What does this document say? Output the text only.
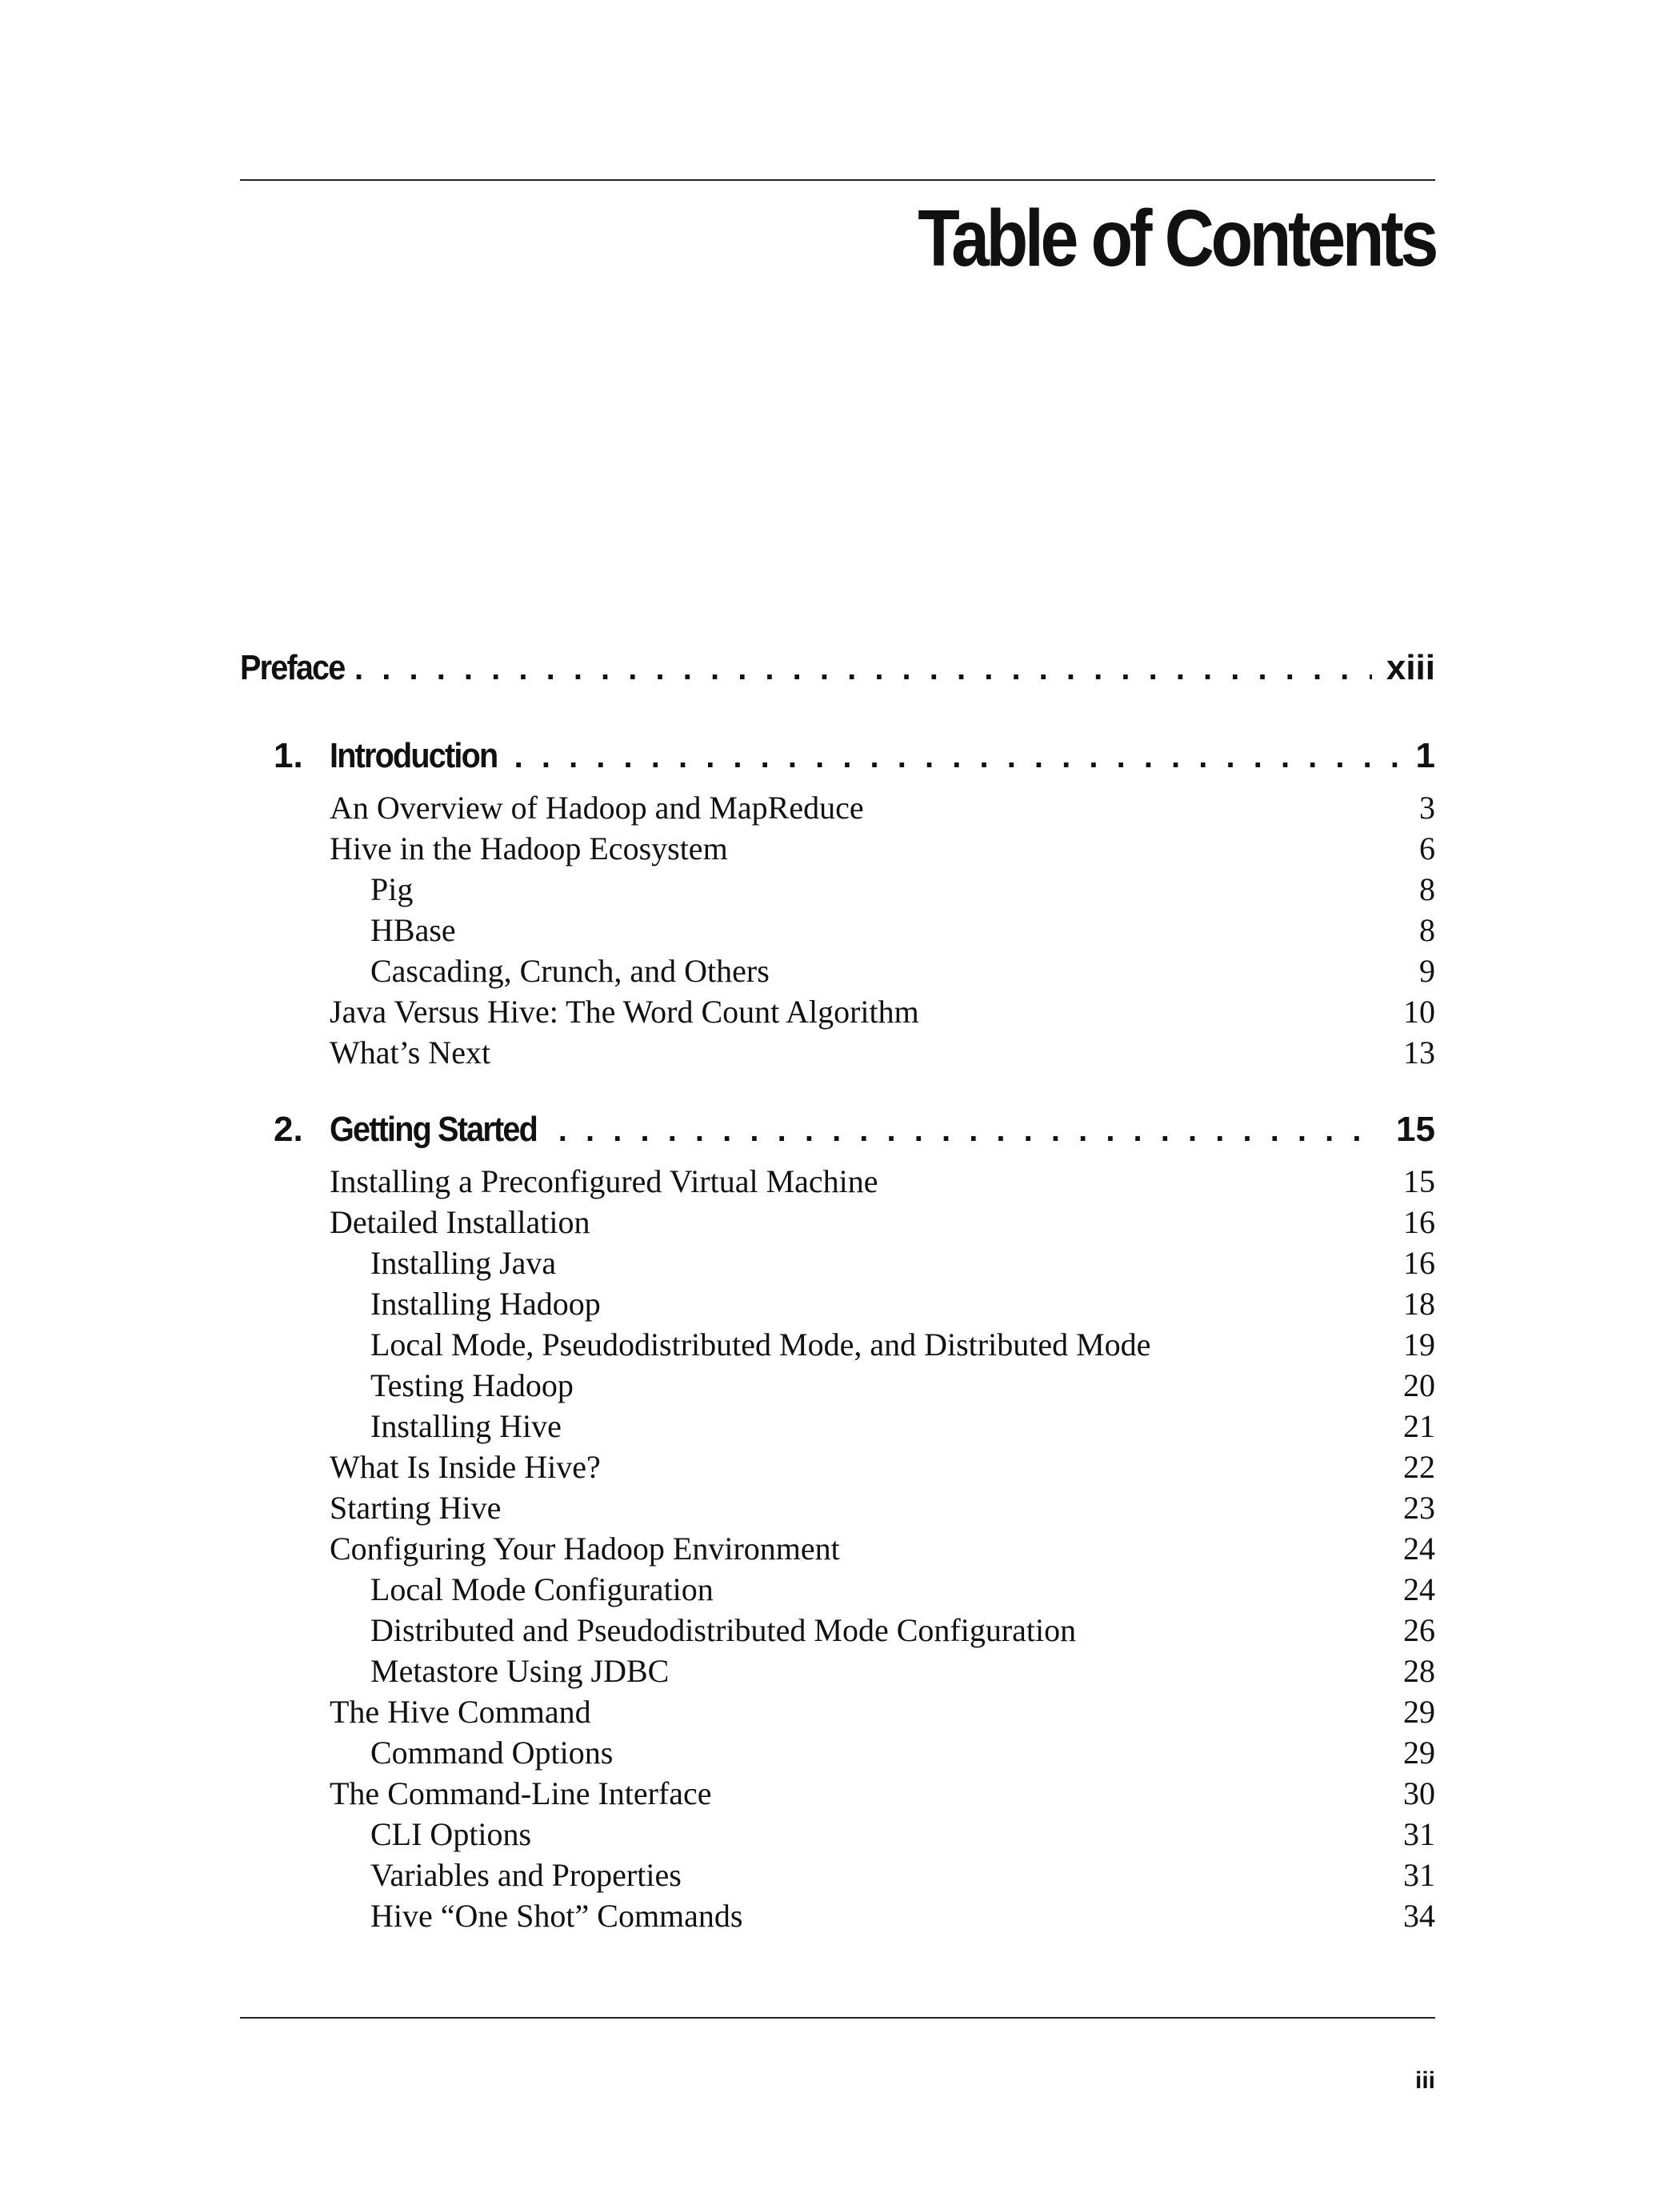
Table of Contents
Preface . . .	xiii
1. Introduction . . .	1
An Overview of Hadoop and MapReduce	3
Hive in the Hadoop Ecosystem	6
Pig	8
HBase	8
Cascading, Crunch, and Others	9
Java Versus Hive: The Word Count Algorithm	10
What’s Next	13
2. Getting Started . . .	15
Installing a Preconfigured Virtual Machine	15
Detailed Installation	16
Installing Java	16
Installing Hadoop	18
Local Mode, Pseudodistributed Mode, and Distributed Mode	19
Testing Hadoop	20
Installing Hive	21
What Is Inside Hive?	22
Starting Hive	23
Configuring Your Hadoop Environment	24
Local Mode Configuration	24
Distributed and Pseudodistributed Mode Configuration	26
Metastore Using JDBC	28
The Hive Command	29
Command Options	29
The Command-Line Interface	30
CLI Options	31
Variables and Properties	31
Hive “One Shot” Commands	34
iii
